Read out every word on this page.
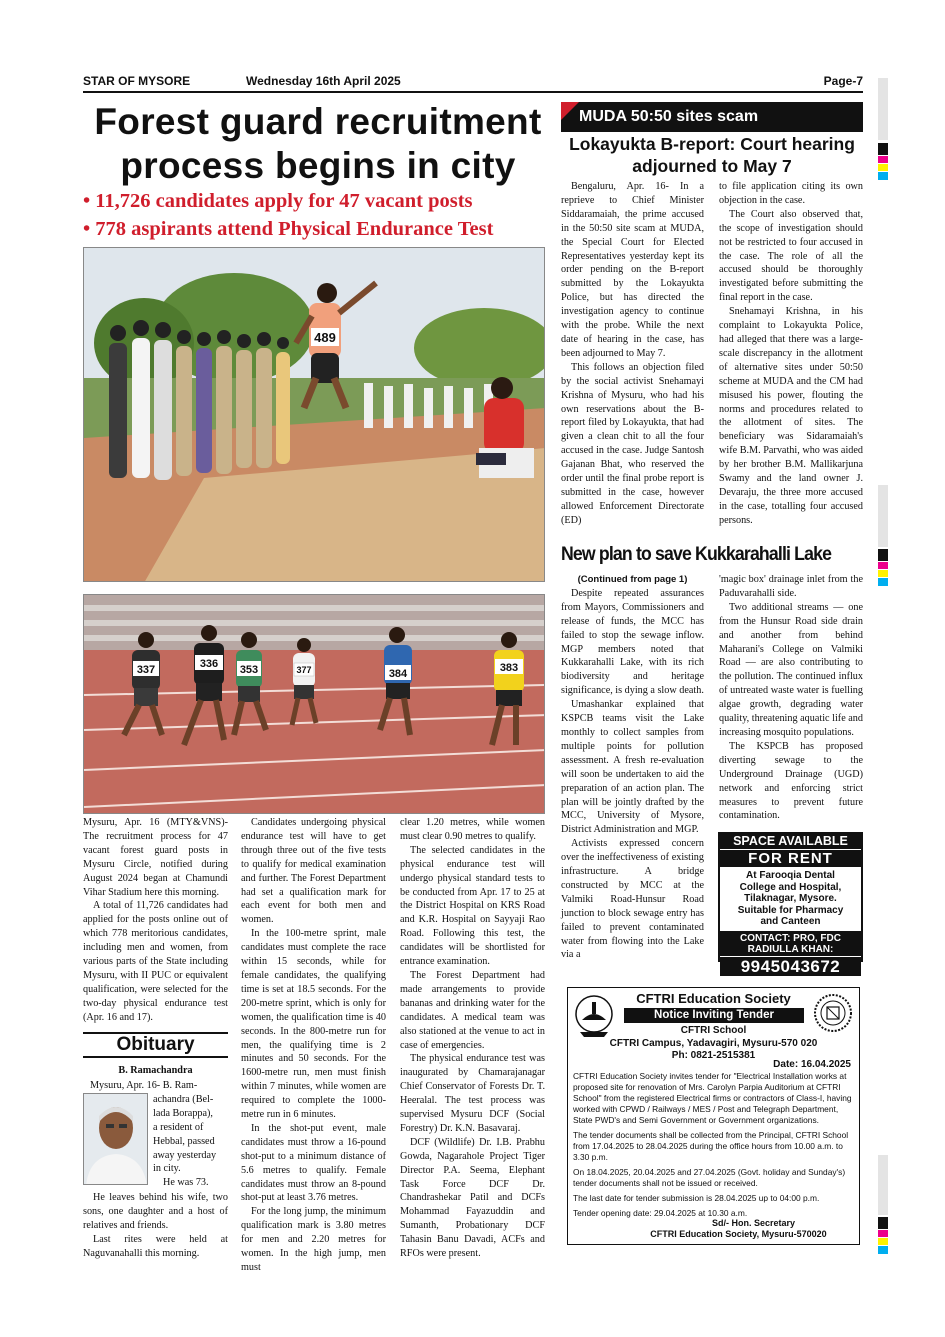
STAR OF MYSORE	Wednesday 16th April 2025	Page-7
Forest guard recruitment
process begins in city
• 11,726 candidates apply for 47 vacant posts
• 778 aspirants attend Physical Endurance Test
489
337	336 353	377	384	383

Mysuru, Apr. 16 (MTY&VNS)- The recruitment process for 47 vacant forest guard posts in Mysuru Circle, notified during August 2024 began at Chamundi Vihar Stadium here this morning.

A total of 11,726 candidates had applied for the posts online out of which 778 meritorious candidates, including men and women, from various parts of the State including Mysuru, with II PUC or equivalent qualification, were selected for the two-day physical endurance test (Apr. 16 and 17).

Candidates undergoing physical endurance test will have to get through three out of the five tests to qualify for medical examination and further. The Forest Department had set a qualification mark for each event for both men and women.

In the 100-metre sprint, male candidates must complete the race within 15 seconds, while for female candidates, the qualifying time is set at 18.5 seconds. For the 200-metre sprint, which is only for women, the qualification time is 40 seconds. In the 800-metre run for men, the qualifying time is 2 minutes and 50 seconds. For the 1600-metre run, men must finish within 7 minutes, while women are required to complete the 1000-metre run in 6 minutes.

In the shot-put event, male candidates must throw a 16-pound shot-put to a minimum distance of 5.6 metres to qualify. Female candidates must throw an 8-pound shot-put at least 3.76 metres.

For the long jump, the minimum qualification mark is 3.80 metres for men and 2.20 metres for women. In the high jump, men must

clear 1.20 metres, while women must clear 0.90 metres to qualify.

The selected candidates in the physical endurance test will undergo physical standard tests to be conducted from Apr. 17 to 25 at the District Hospital on KRS Road and K.R. Hospital on Sayyaji Rao Road. Following this test, the candidates will be shortlisted for entrance examination.

The Forest Department had made arrangements to provide bananas and drinking water for the candidates. A medical team was also stationed at the venue to act in case of emergencies.

The physical endurance test was inaugurated by Chamarajanagar Chief Conservator of Forests Dr. T. Heeralal. The test process was supervised Mysuru DCF (Social Forestry) Dr. K.N. Basavaraj.

DCF (Wildlife) Dr. I.B. Prabhu Gowda, Nagarahole Project Tiger Director P.A. Seema, Elephant Task Force DCF Dr. Chandrashekar Patil and DCFs Mohammad Fayazuddin and Sumanth, Probationary DCF Tahasin Banu Davadi, ACFs and RFOs were present.

Obituary
B. Ramachandra

Mysuru, Apr. 16- B. Ram-

achandra (Bel-

lada Borappa),

a resident of

Hebbal, passed

away yesterday

in city.

He was 73.

He leaves behind his wife, two sons, one daughter and a host of relatives and friends.

Last rites were held at Naguvanahalli this morning.

MUDA 50:50 sites scam
Lokayukta B-report: Court hearing
adjourned to May 7

Bengaluru, Apr. 16- In a reprieve to Chief Minister Siddaramaiah, the prime accused in the 50:50 site scam at MUDA, the Special Court for Elected Representatives yesterday kept its order pending on the B-report submitted by the Lokayukta Police, but has directed the investigation agency to continue with the probe. While the next date of hearing in the case, has been adjourned to May 7.

This follows an objection filed by the social activist Snehamayi Krishna of Mysuru, who had his own reservations about the B-report filed by Lokayukta, that had given a clean chit to all the four accused in the case. Judge Santosh Gajanan Bhat, who reserved the order until the final probe report is submitted in the case, however allowed Enforcement Directorate (ED)

to file application citing its own objection in the case.

The Court also observed that, the scope of investigation should not be restricted to four accused in the case. The role of all the accused should be thoroughly investigated before submitting the final report in the case.

Snehamayi Krishna, in his complaint to Lokayukta Police, had alleged that there was a large-scale discrepancy in the allotment of alternative sites under 50:50 scheme at MUDA and the CM had misused his power, flouting the norms and procedures related to the allotment of sites. The beneficiary was Sidaramaiah's wife B.M. Parvathi, who was aided by her brother B.M. Mallikarjuna Swamy and the land owner J. Devaraju, the three more accused in the case, totalling four accused persons.

New plan to save Kukkarahalli Lake

(Continued from page 1)

Despite repeated assurances from Mayors, Commissioners and release of funds, the MCC has failed to stop the sewage inflow. MGP members noted that Kukkarahalli Lake, with its rich biodiversity and heritage significance, is dying a slow death.

Umashankar explained that KSPCB teams visit the Lake monthly to collect samples from multiple points for pollution assessment. A fresh re-evaluation will soon be undertaken to aid the preparation of an action plan. The plan will be jointly drafted by the MCC, University of Mysore, District Administration and MGP.

Activists expressed concern over the ineffectiveness of existing infrastructure. A bridge constructed by MCC at the Valmiki Road-Hunsur Road junction to block sewage entry has failed to prevent contaminated water from flowing into the Lake via a

'magic box' drainage inlet from the Paduvarahalli side.

Two additional streams — one from the Hunsur Road side drain and another from behind Maharani's College on Valmiki Road — are also contributing to the pollution. The continued influx of untreated waste water is fuelling algae growth, degrading water quality, threatening aquatic life and increasing mosquito populations.

The KSPCB has proposed diverting sewage to the Underground Drainage (UGD) network and enforcing strict measures to prevent future contamination.

SPACE AVAILABLE
FOR RENT
At Farooqia Dental
College and Hospital,
Tilaknagar, Mysore.
Suitable for Pharmacy
and Canteen
CONTACT: PRO, FDC
RADIULLA KHAN:
9945043672
CFTRI Education Society
Notice Inviting Tender
CFTRI School
CFTRI Campus, Yadavagiri, Mysuru-570 020
Ph: 0821-2515381
Date: 16.04.2025

CFTRI Education Society invites tender for "Electrical Installation works at proposed site for renovation of Mrs. Carolyn Parpia Auditorium at CFTRI School" from the registered Electrical firms or contractors of Class-I, having worked with CPWD / Railways / MES / Post and Telegraph Department, State PWD's and Semi Government or Government organizations.

The tender documents shall be collected from the Principal, CFTRI School from 17.04.2025 to 28.04.2025 during the office hours from 10.00 a.m. to 3.30 p.m.

On 18.04.2025, 20.04.2025 and 27.04.2025 (Govt. holiday and Sunday's) tender documents shall not be issued or received.

The last date for tender submission is 28.04.2025 up to 04:00 p.m.

Tender opening date: 29.04.2025 at 10.30 a.m.

Sd/- Hon. Secretary
CFTRI Education Society, Mysuru-570020
